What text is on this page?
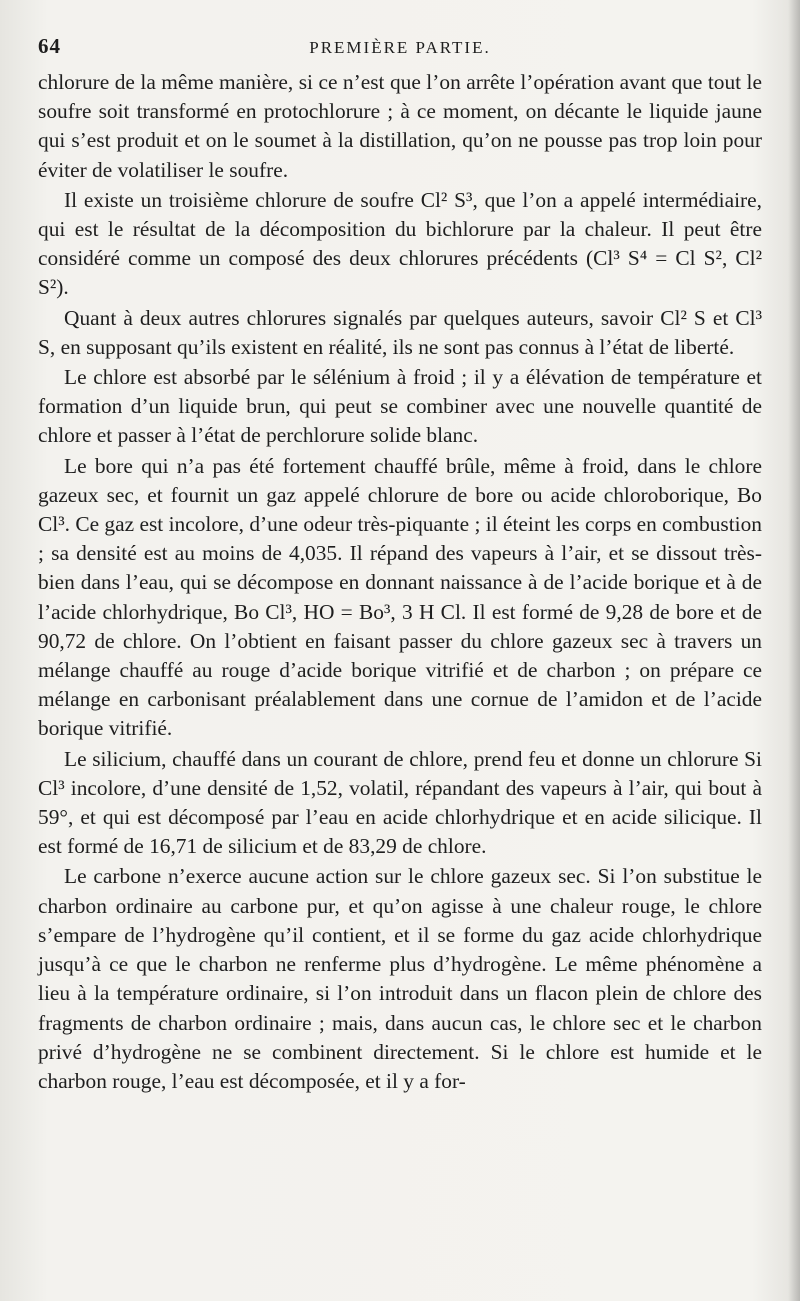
64	PREMIÈRE PARTIE.

chlorure de la même manière, si ce n’est que l’on arrête l’opération avant que tout le soufre soit transformé en protochlorure ; à ce moment, on décante le liquide jaune qui s’est produit et on le soumet à la distillation, qu’on ne pousse pas trop loin pour éviter de volatiliser le soufre.

Il existe un troisième chlorure de soufre Cl² S³, que l’on a appelé intermédiaire, qui est le résultat de la décomposition du bichlorure par la chaleur. Il peut être considéré comme un composé des deux chlorures précédents (Cl³ S⁴ = Cl S², Cl² S²).

Quant à deux autres chlorures signalés par quelques auteurs, savoir Cl² S et Cl³ S, en supposant qu’ils existent en réalité, ils ne sont pas connus à l’état de liberté.

Le chlore est absorbé par le sélénium à froid ; il y a élévation de température et formation d’un liquide brun, qui peut se combiner avec une nouvelle quantité de chlore et passer à l’état de perchlorure solide blanc.

Le bore qui n’a pas été fortement chauffé brûle, même à froid, dans le chlore gazeux sec, et fournit un gaz appelé chlorure de bore ou acide chloroborique, Bo Cl³. Ce gaz est incolore, d’une odeur très-piquante ; il éteint les corps en combustion ; sa densité est au moins de 4,035. Il répand des vapeurs à l’air, et se dissout très-bien dans l’eau, qui se décompose en donnant naissance à de l’acide borique et à de l’acide chlorhydrique, Bo Cl³, HO = Bo³, 3 H Cl. Il est formé de 9,28 de bore et de 90,72 de chlore. On l’obtient en faisant passer du chlore gazeux sec à travers un mélange chauffé au rouge d’acide borique vitrifié et de charbon ; on prépare ce mélange en carbonisant préalablement dans une cornue de l’amidon et de l’acide borique vitrifié.

Le silicium, chauffé dans un courant de chlore, prend feu et donne un chlorure Si Cl³ incolore, d’une densité de 1,52, volatil, répandant des vapeurs à l’air, qui bout à 59°, et qui est décomposé par l’eau en acide chlorhydrique et en acide silicique. Il est formé de 16,71 de silicium et de 83,29 de chlore.

Le carbone n’exerce aucune action sur le chlore gazeux sec. Si l’on substitue le charbon ordinaire au carbone pur, et qu’on agisse à une chaleur rouge, le chlore s’empare de l’hydrogène qu’il contient, et il se forme du gaz acide chlorhydrique jusqu’à ce que le charbon ne renferme plus d’hydrogène. Le même phénomène a lieu à la température ordinaire, si l’on introduit dans un flacon plein de chlore des fragments de charbon ordinaire ; mais, dans aucun cas, le chlore sec et le charbon privé d’hydrogène ne se combinent directement. Si le chlore est humide et le charbon rouge, l’eau est décomposée, et il y a for-
